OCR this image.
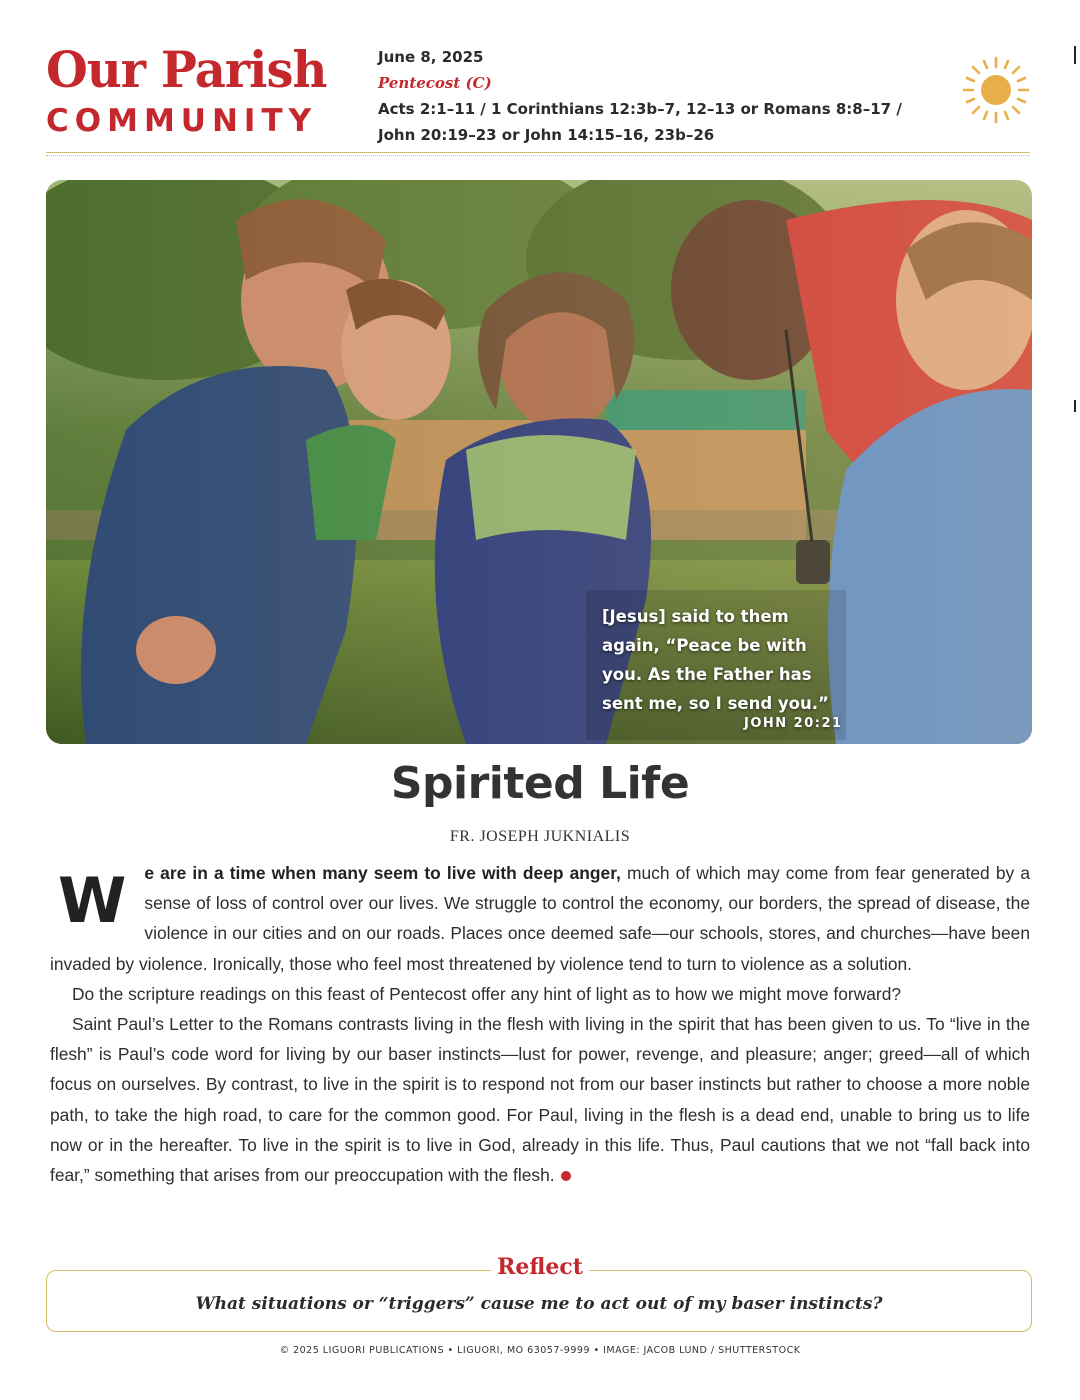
Our Parish
COMMUNITY
June 8, 2025
Pentecost (C)
Acts 2:1–11 / 1 Corinthians 12:3b–7, 12–13 or Romans 8:8–17 /
John 20:19–23 or John 14:15–16, 23b–26
[Jesus] said to them again, “Peace be with you. As the Father has sent me, so I send you.”
JOHN 20:21
Spirited Life
FR. JOSEPH JUKNIALIS

W e are in a time when many seem to live with deep anger, much of which may come from fear generated by a sense of loss of control over our lives. We struggle to control the economy, our borders, the spread of disease, the violence in our cities and on our roads. Places once deemed safe—our schools, stores, and churches—have been invaded by violence. Ironically, those who feel most threatened by violence tend to turn to violence as a solution.

Do the scripture readings on this feast of Pentecost offer any hint of light as to how we might move forward?

Saint Paul’s Letter to the Romans contrasts living in the flesh with living in the spirit that has been given to us. To “live in the flesh” is Paul’s code word for living by our baser instincts—lust for power, revenge, and pleasure; anger; greed—all of which focus on ourselves. By contrast, to live in the spirit is to respond not from our baser instincts but rather to choose a more noble path, to take the high road, to care for the common good. For Paul, living in the flesh is a dead end, unable to bring us to life now or in the hereafter. To live in the spirit is to live in God, already in this life. Thus, Paul cautions that we not “fall back into fear,” something that arises from our preoccupation with the flesh.

Reflect
What situations or “triggers” cause me to act out of my baser instincts?
© 2025 LIGUORI PUBLICATIONS • LIGUORI, MO 63057-9999 • IMAGE: JACOB LUND / SHUTTERSTOCK
